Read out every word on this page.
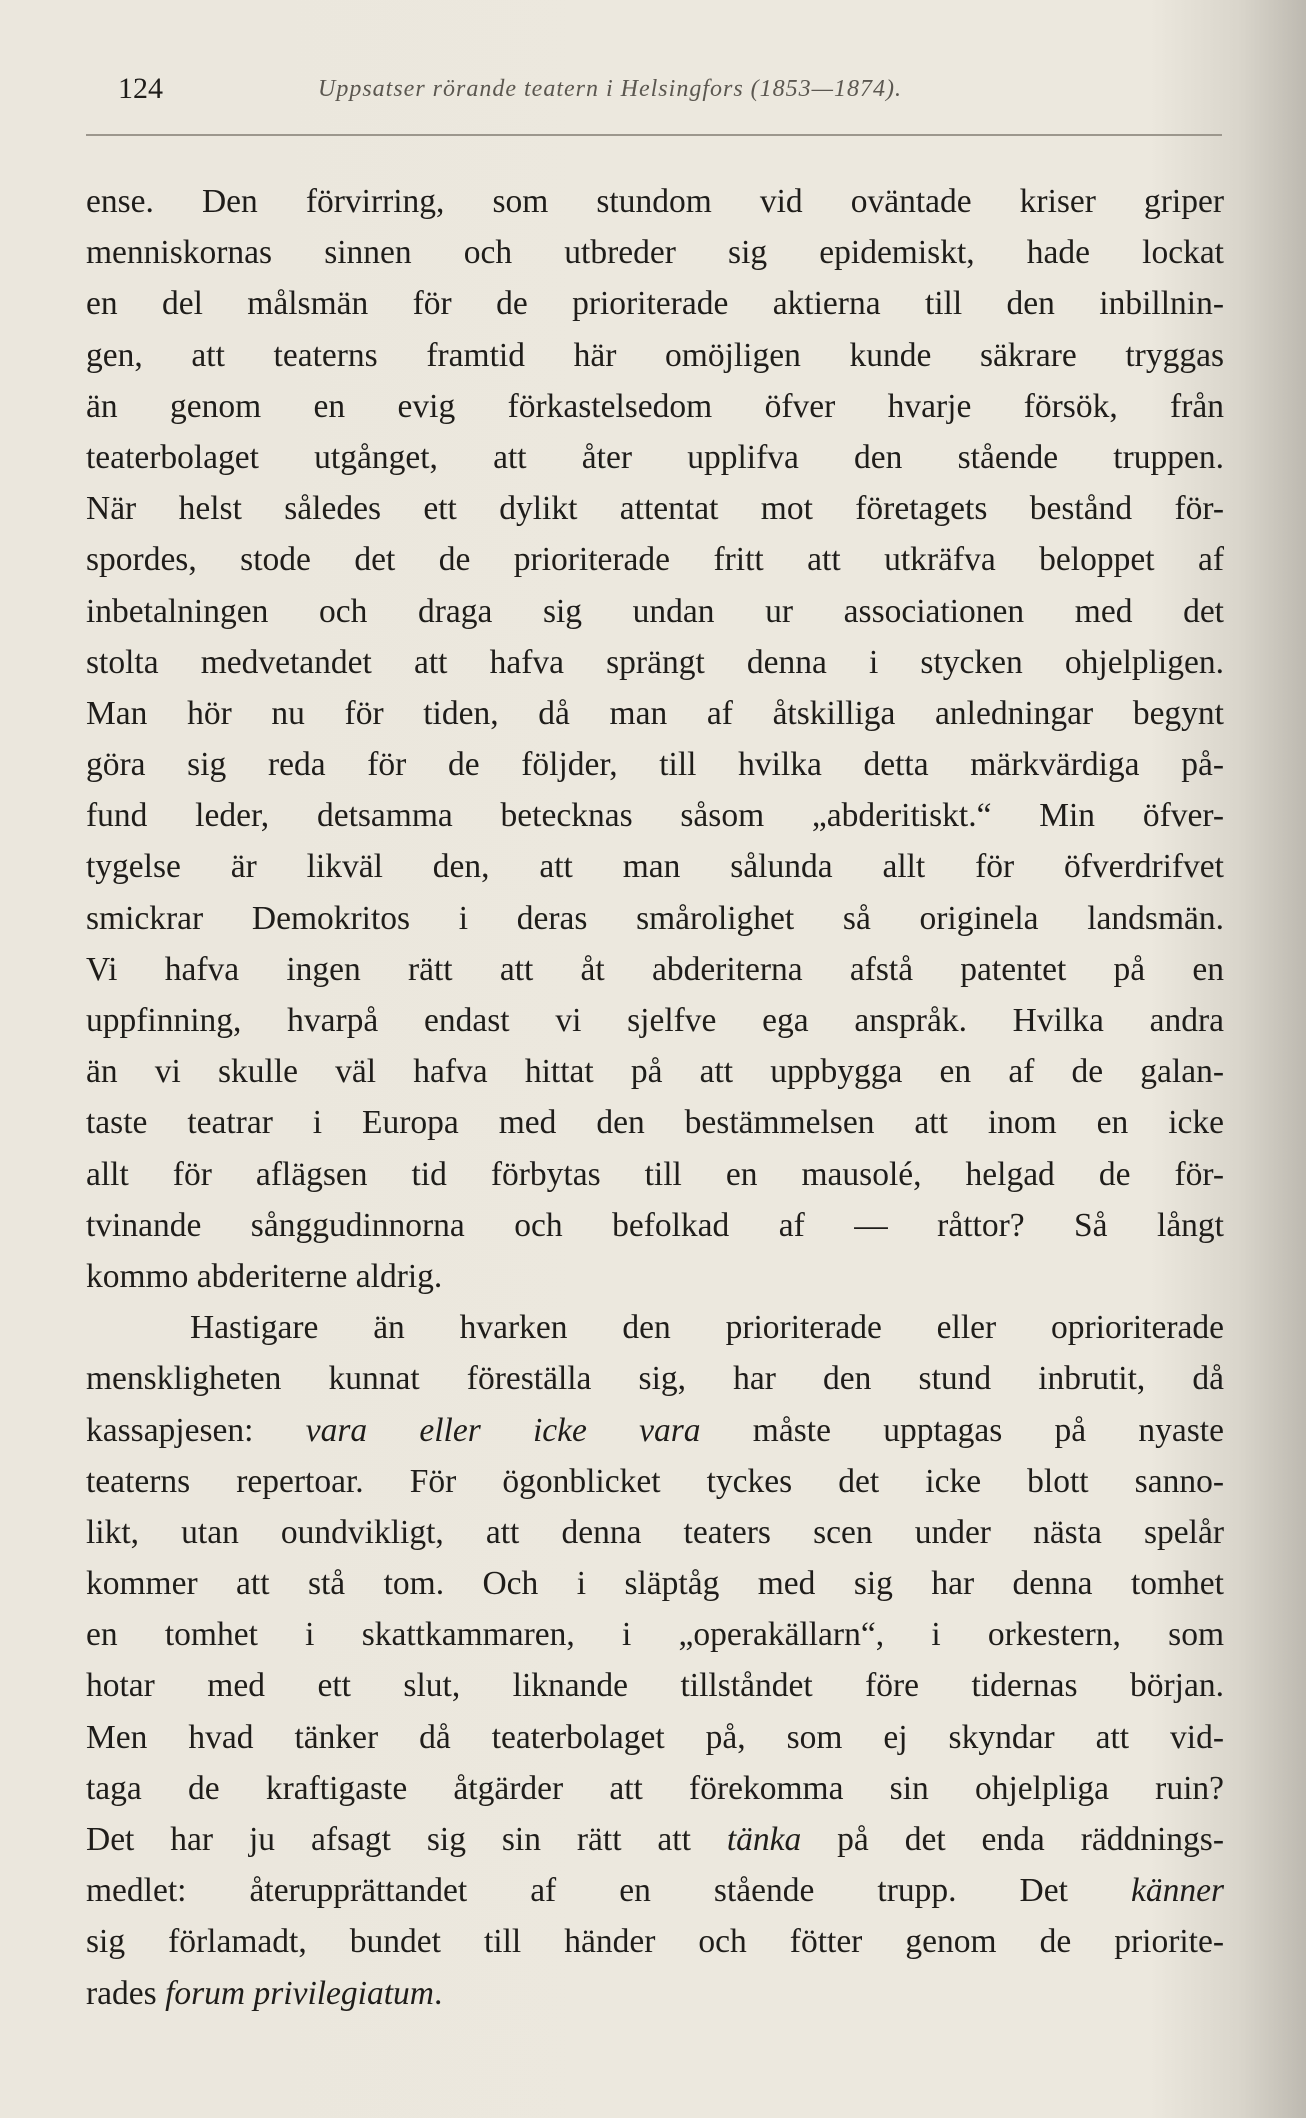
124	Uppsatser rörande teatern i Helsingfors (1853—1874).
ense. Den förvirring, som stundom vid oväntade kriser griper
menniskornas sinnen och utbreder sig epidemiskt, hade lockat
en del målsmän för de prioriterade aktierna till den inbillnin-
gen, att teaterns framtid här omöjligen kunde säkrare tryggas
än genom en evig förkastelsedom öfver hvarje försök, från
teaterbolaget utgånget, att åter upplifva den stående truppen.
När helst således ett dylikt attentat mot företagets bestånd för-
spordes, stode det de prioriterade fritt att utkräfva beloppet af
inbetalningen och draga sig undan ur associationen med det
stolta medvetandet att hafva sprängt denna i stycken ohjelpligen.
Man hör nu för tiden, då man af åtskilliga anledningar begynt
göra sig reda för de följder, till hvilka detta märkvärdiga på-
fund leder, detsamma betecknas såsom „abderitiskt.“ Min öfver-
tygelse är likväl den, att man sålunda allt för öfverdrifvet
smickrar Demokritos i deras smårolighet så originela landsmän.
Vi hafva ingen rätt att åt abderiterna afstå patentet på en
uppfinning, hvarpå endast vi sjelfve ega anspråk. Hvilka andra
än vi skulle väl hafva hittat på att uppbygga en af de galan-
taste teatrar i Europa med den bestämmelsen att inom en icke
allt för aflägsen tid förbytas till en mausolé, helgad de för-
tvinande sånggudinnorna och befolkad af — råttor? Så långt
kommo abderiterne aldrig.
Hastigare än hvarken den prioriterade eller oprioriterade
menskligheten kunnat föreställa sig, har den stund inbrutit, då
kassapjesen: vara eller icke vara måste upptagas på nyaste
teaterns repertoar. För ögonblicket tyckes det icke blott sanno-
likt, utan oundvikligt, att denna teaters scen under nästa spelår
kommer att stå tom. Och i släptåg med sig har denna tomhet
en tomhet i skattkammaren, i „operakällarn“, i orkestern, som
hotar med ett slut, liknande tillståndet före tidernas början.
Men hvad tänker då teaterbolaget på, som ej skyndar att vid-
taga de kraftigaste åtgärder att förekomma sin ohjelpliga ruin?
Det har ju afsagt sig sin rätt att tänka på det enda räddnings-
medlet: återupprättandet af en stående trupp. Det känner
sig förlamadt, bundet till händer och fötter genom de priorite-
rades forum privilegiatum.
